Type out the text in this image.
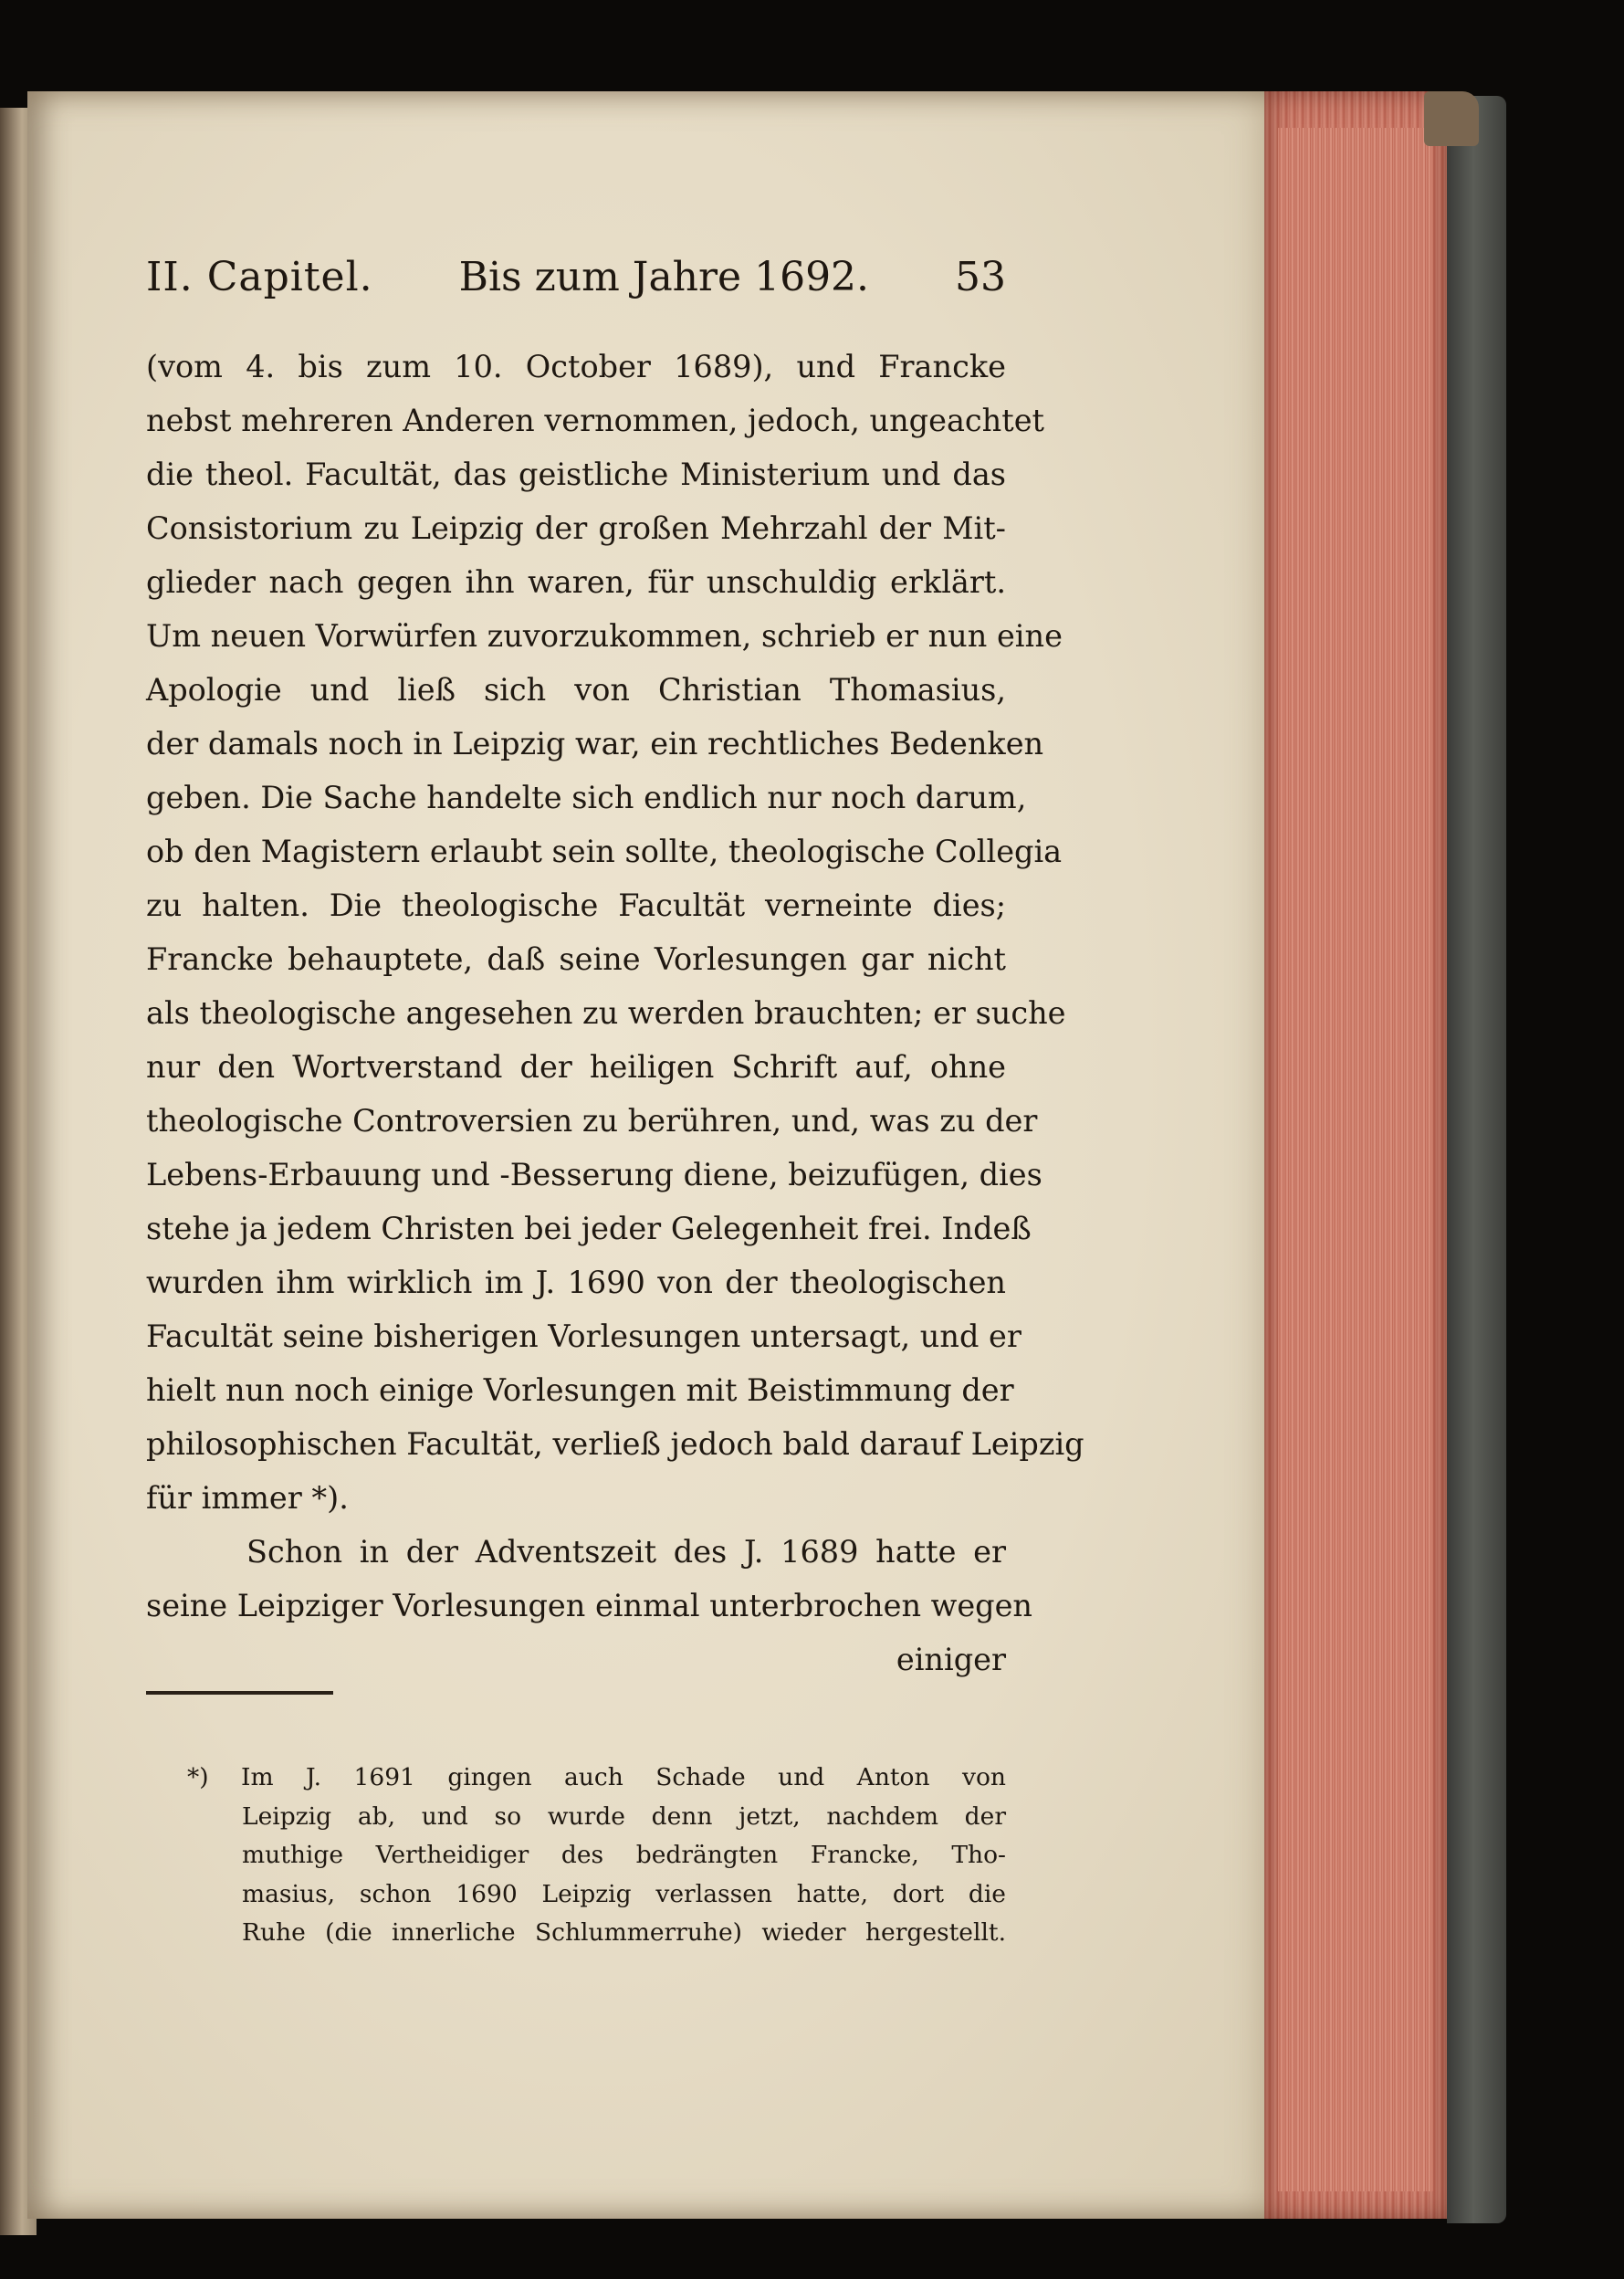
II. Capitel. Bis zum Jahre 1692. 53
(vom 4. bis zum 10. October 1689), und Francke
nebst mehreren Anderen vernommen, jedoch, ungeachtet
die theol. Facultät, das geistliche Ministerium und das
Consistorium zu Leipzig der großen Mehrzahl der Mit-
glieder nach gegen ihn waren, für unschuldig erklärt.
Um neuen Vorwürfen zuvorzukommen, schrieb er nun eine
Apologie und ließ sich von Christian Thomasius,
der damals noch in Leipzig war, ein rechtliches Bedenken
geben. Die Sache handelte sich endlich nur noch darum,
ob den Magistern erlaubt sein sollte, theologische Collegia
zu halten. Die theologische Facultät verneinte dies;
Francke behauptete, daß seine Vorlesungen gar nicht
als theologische angesehen zu werden brauchten; er suche
nur den Wortverstand der heiligen Schrift auf, ohne
theologische Controversien zu berühren, und, was zu der
Lebens-Erbauung und -Besserung diene, beizufügen, dies
stehe ja jedem Christen bei jeder Gelegenheit frei. Indeß
wurden ihm wirklich im J. 1690 von der theologischen
Facultät seine bisherigen Vorlesungen untersagt, und er
hielt nun noch einige Vorlesungen mit Beistimmung der
philosophischen Facultät, verließ jedoch bald darauf Leipzig
für immer *).
Schon in der Adventszeit des J. 1689 hatte er
seine Leipziger Vorlesungen einmal unterbrochen wegen
einiger
*) Im J. 1691 gingen auch Schade und Anton von
Leipzig ab, und so wurde denn jetzt, nachdem der
muthige Vertheidiger des bedrängten Francke, Tho-
masius, schon 1690 Leipzig verlassen hatte, dort die
Ruhe (die innerliche Schlummerruhe) wieder hergestellt.
